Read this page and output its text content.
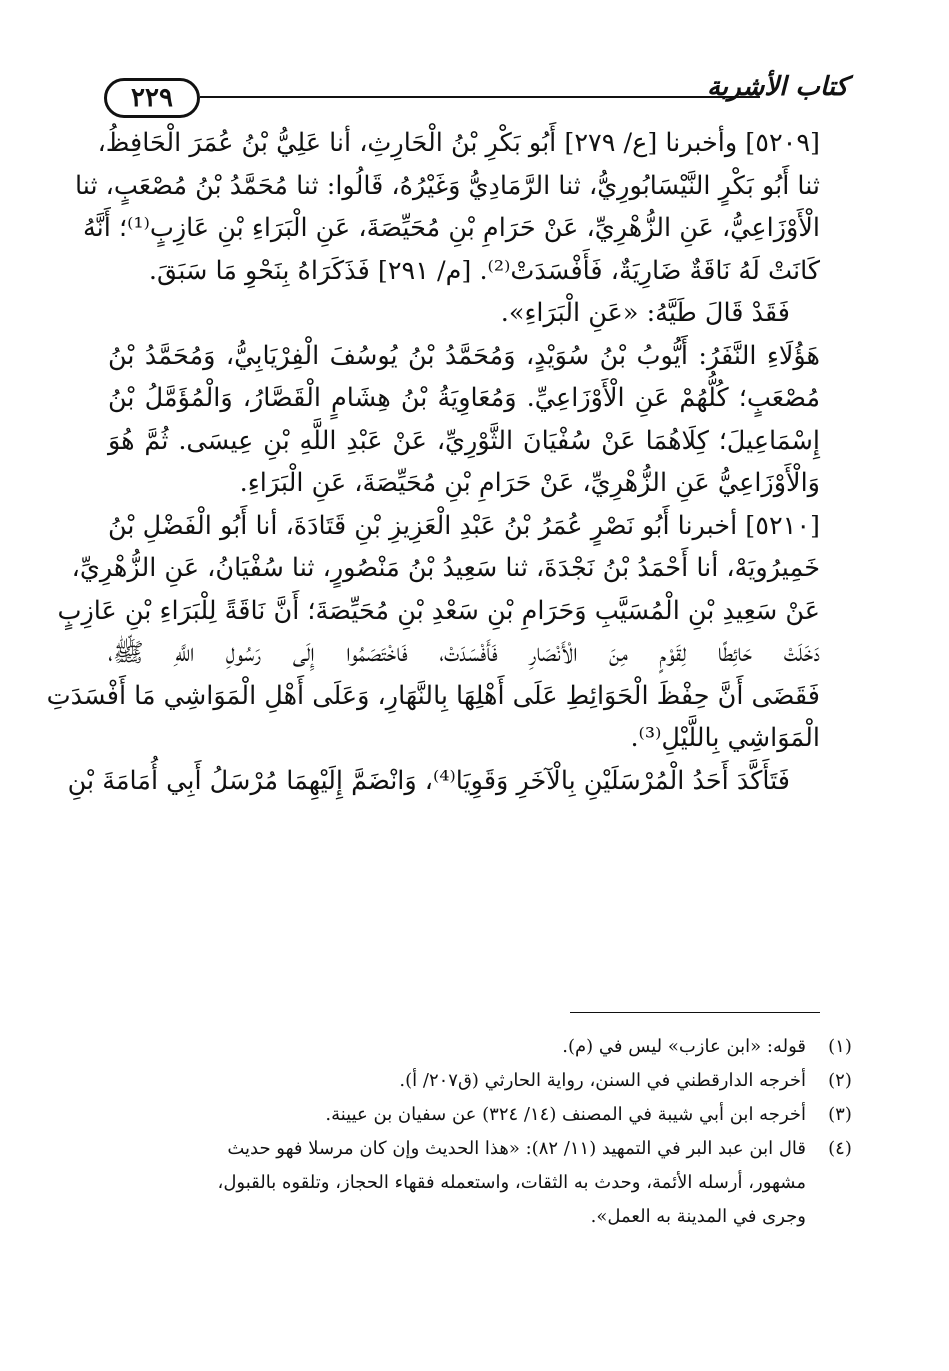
٢٢٩	كتاب الأشربة
[٥٢٠٩] وأخبرنا [ع/ ٢٧٩] أَبُو بَكْرِ بْنُ الْحَارِثِ، أنا عَلِيُّ بْنُ عُمَرَ الْحَافِظُ،
ثنا أَبُو بَكْرٍ النَّيْسَابُورِيُّ، ثنا الرَّمَادِيُّ وَغَيْرُهُ، قَالُوا: ثنا مُحَمَّدُ بْنُ مُصْعَبٍ، ثنا
الْأَوْزَاعِيُّ، عَنِ الزُّهْرِيِّ، عَنْ حَرَامِ بْنِ مُحَيِّصَةَ، عَنِ الْبَرَاءِ بْنِ عَازِبٍ⁽¹⁾؛ أَنَّهُ
كَانَتْ لَهُ نَاقَةٌ ضَارِيَةٌ، فَأَفْسَدَتْ⁽²⁾. [م/ ٢٩١] فَذَكَرَاهُ بِنَحْوِ مَا سَبَقَ.
فَقَدْ قَالَ طَيَّهُ: «عَنِ الْبَرَاءِ».
هَؤُلَاءِ النَّفَرُ: أَيُّوبُ بْنُ سُوَيْدٍ، وَمُحَمَّدُ بْنُ يُوسُفَ الْفِرْيَابِيُّ، وَمُحَمَّدُ بْنُ
مُصْعَبٍ؛ كُلُّهُمْ عَنِ الْأَوْزَاعِيِّ. وَمُعَاوِيَةُ بْنُ هِشَامٍ الْقَصَّارُ، وَالْمُؤَمَّلُ بْنُ
إِسْمَاعِيلَ؛ كِلَاهُمَا عَنْ سُفْيَانَ الثَّوْرِيِّ، عَنْ عَبْدِ اللَّهِ بْنِ عِيسَى. ثُمَّ هُوَ
وَالْأَوْزَاعِيُّ عَنِ الزُّهْرِيِّ، عَنْ حَرَامِ بْنِ مُحَيِّصَةَ، عَنِ الْبَرَاءِ.
[٥٢١٠] أخبرنا أَبُو نَصْرٍ عُمَرُ بْنُ عَبْدِ الْعَزِيزِ بْنِ قَتَادَةَ، أنا أَبُو الْفَضْلِ بْنُ
خَمِيرُويَهْ، أنا أَحْمَدُ بْنُ نَجْدَةَ، ثنا سَعِيدُ بْنُ مَنْصُورٍ، ثنا سُفْيَانُ، عَنِ الزُّهْرِيِّ،
عَنْ سَعِيدِ بْنِ الْمُسَيَّبِ وَحَرَامِ بْنِ سَعْدِ بْنِ مُحَيِّصَةَ؛ أَنَّ نَاقَةً لِلْبَرَاءِ بْنِ عَازِبٍ
دَخَلَتْ حَائِطًا لِقَوْمٍ مِنَ الْأَنْصَارِ فَأَفْسَدَتْ، فَاخْتَصَمُوا إِلَى رَسُولِ اللَّهِ ﷺ،
فَقَضَى أَنَّ حِفْظَ الْحَوَائِطِ عَلَى أَهْلِهَا بِالنَّهَارِ، وَعَلَى أَهْلِ الْمَوَاشِي مَا أَفْسَدَتِ
الْمَوَاشِي بِاللَّيْلِ⁽³⁾.
فَتَأَكَّدَ أَحَدُ الْمُرْسَلَيْنِ بِالْآخَرِ وَقَوِيَا⁽⁴⁾، وَانْضَمَّ إِلَيْهِمَا مُرْسَلُ أَبِي أُمَامَةَ بْنِ
(١)
قوله: «ابن عازب» ليس في (م).
(٢)
أخرجه الدارقطني في السنن، رواية الحارثي (ق٢٠٧/ أ).
(٣)
أخرجه ابن أبي شيبة في المصنف (١٤/ ٣٢٤) عن سفيان بن عيينة.
(٤)
قال ابن عبد البر في التمهيد (١١/ ٨٢): «هذا الحديث وإن كان مرسلا فهو حديث
مشهور، أرسله الأئمة، وحدث به الثقات، واستعمله فقهاء الحجاز، وتلقوه بالقبول،
وجرى في المدينة به العمل».
